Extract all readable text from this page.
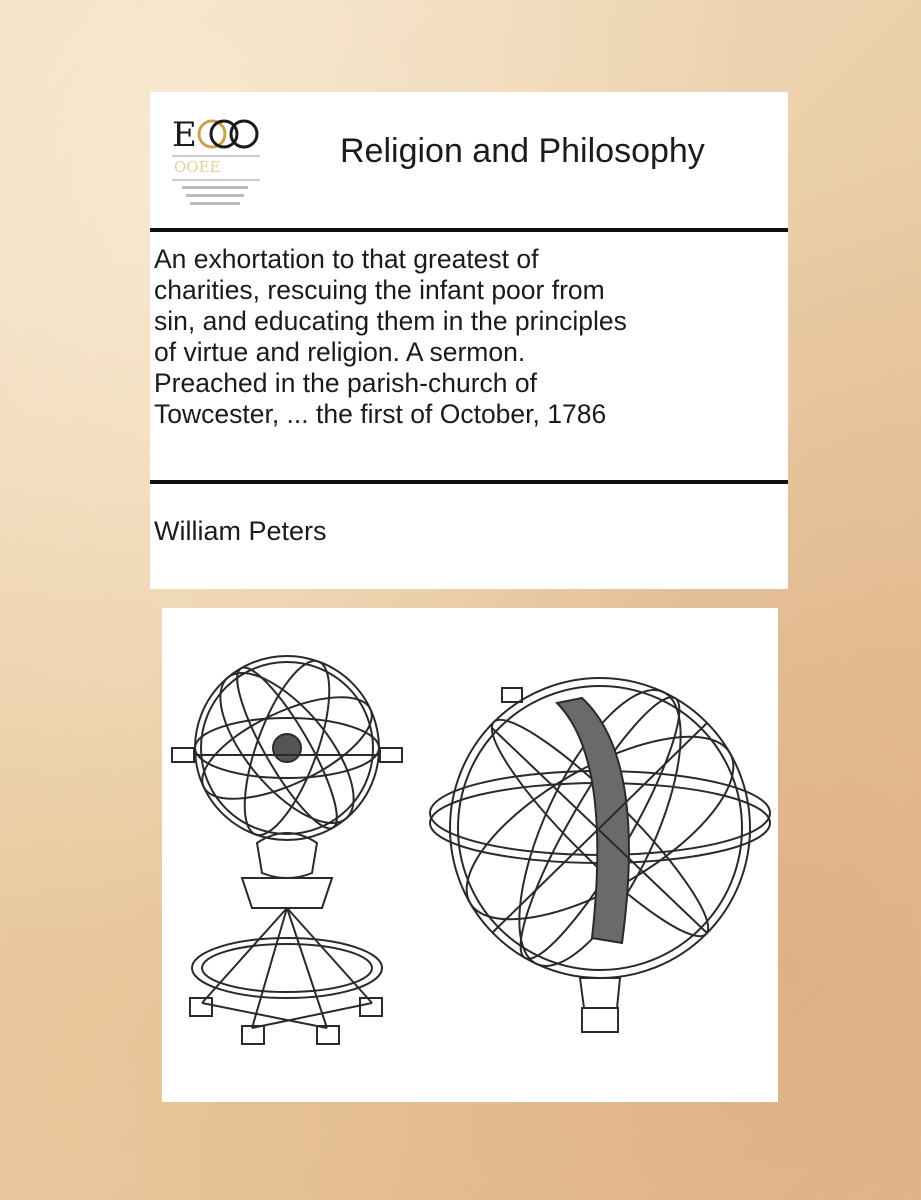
E
OOEE	Religion and Philosophy
An exhortation to that greatest of
charities, rescuing the infant poor from
sin, and educating them in the principles
of virtue and religion. A sermon.
Preached in the parish-church of
Towcester, ... the first of October, 1786
William Peters
